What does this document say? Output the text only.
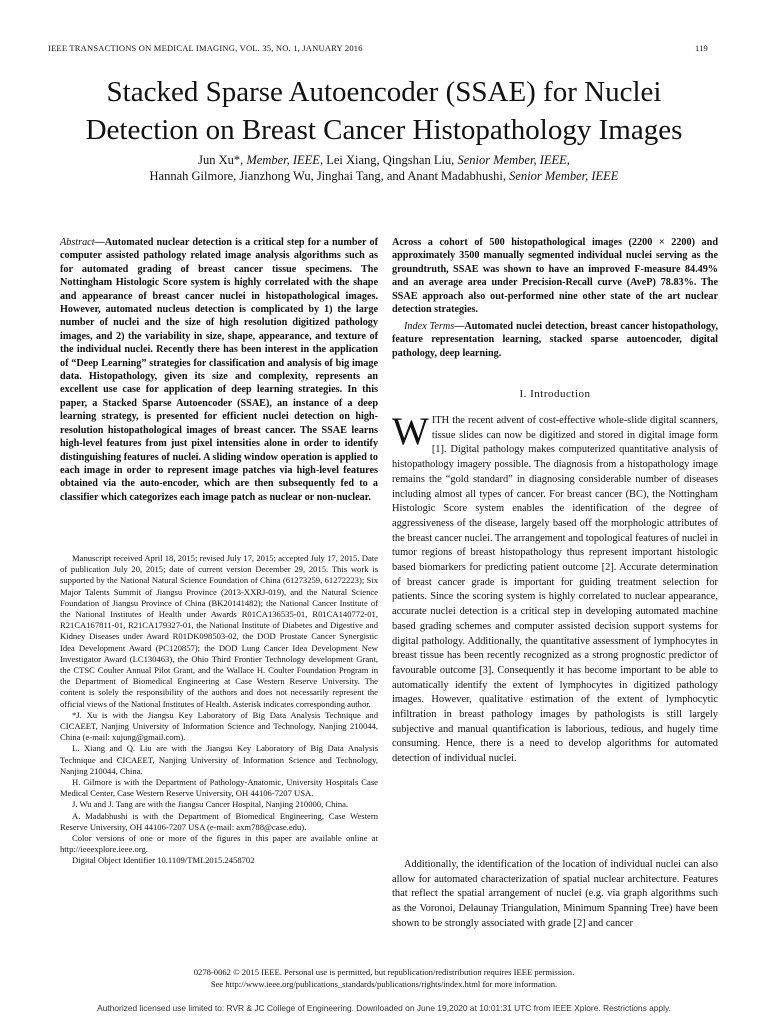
IEEE TRANSACTIONS ON MEDICAL IMAGING, VOL. 35, NO. 1, JANUARY 2016	119
Stacked Sparse Autoencoder (SSAE) for Nuclei
Detection on Breast Cancer Histopathology Images
Jun Xu*, Member, IEEE, Lei Xiang, Qingshan Liu, Senior Member, IEEE,
Hannah Gilmore, Jianzhong Wu, Jinghai Tang, and Anant Madabhushi, Senior Member, IEEE
Abstract—Automated nuclear detection is a critical step for a number of computer assisted pathology related image analysis algorithms such as for automated grading of breast cancer tissue specimens. The Nottingham Histologic Score system is highly correlated with the shape and appearance of breast cancer nuclei in histopathological images. However, automated nucleus detection is complicated by 1) the large number of nuclei and the size of high resolution digitized pathology images, and 2) the variability in size, shape, appearance, and texture of the individual nuclei. Recently there has been interest in the application of “Deep Learning” strategies for classification and analysis of big image data. Histopathology, given its size and complexity, represents an excellent use case for application of deep learning strategies. In this paper, a Stacked Sparse Autoencoder (SSAE), an instance of a deep learning strategy, is presented for efficient nuclei detection on high-resolution histopathological images of breast cancer. The SSAE learns high-level features from just pixel intensities alone in order to identify distinguishing features of nuclei. A sliding window operation is applied to each image in order to represent image patches via high-level features obtained via the auto-encoder, which are then subsequently fed to a classifier which categorizes each image patch as nuclear or non-nuclear.

Manuscript received April 18, 2015; revised July 17, 2015; accepted July 17, 2015. Date of publication July 20, 2015; date of current version December 29, 2015. This work is supported by the National Natural Science Foundation of China (61273259, 61272223); Six Major Talents Summit of Jiangsu Province (2013-XXRJ-019), and the Natural Science Foundation of Jiangsu Province of China (BK20141482); the National Cancer Institute of the National Institutes of Health under Awards R01CA136535-01, R01CA140772-01, R21CA167811-01, R21CA179327-01, the National Institute of Diabetes and Digestive and Kidney Diseases under Award R01DK098503-02, the DOD Prostate Cancer Synergistic Idea Development Award (PC120857); the DOD Lung Cancer Idea Development New Investigator Award (LC130463), the Ohio Third Frontier Technology development Grant, the CTSC Coulter Annual Pilot Grant, and the Wallace H. Coulter Foundation Program in the Department of Biomedical Engineering at Case Western Reserve University. The content is solely the responsibility of the authors and does not necessarily represent the official views of the National Institutes of Health. Asterisk indicates corresponding author.

*J. Xu is with the Jiangsu Key Laboratory of Big Data Analysis Technique and CICAEET, Nanjing University of Information Science and Technology, Nanjing 210044, China (e-mail: xujung@gmail.com).

L. Xiang and Q. Liu are with the Jiangsu Key Laboratory of Big Data Analysis Technique and CICAEET, Nanjing University of Information Science and Technology, Nanjing 210044, China.

H. Gilmore is with the Department of Pathology-Anatomic, University Hospitals Case Medical Center, Case Western Reserve University, OH 44106-7207 USA.

J. Wu and J. Tang are with the Jiangsu Cancer Hospital, Nanjing 210000, China.

A. Madabhushi is with the Department of Biomedical Engineering, Case Western Reserve University, OH 44106-7207 USA (e-mail: axm788@case.edu).

Color versions of one or more of the figures in this paper are available online at http://ieeexplore.ieee.org.

Digital Object Identifier 10.1109/TMI.2015.2458702

Across a cohort of 500 histopathological images (2200 × 2200) and approximately 3500 manually segmented individual nuclei serving as the groundtruth, SSAE was shown to have an improved F-measure 84.49% and an average area under Precision-Recall curve (AveP) 78.83%. The SSAE approach also out-performed nine other state of the art nuclear detection strategies.
Index Terms—Automated nuclei detection, breast cancer histopathology, feature representation learning, stacked sparse autoencoder, digital pathology, deep learning.
I. Introduction
W ITH the recent advent of cost-effective whole-slide digital scanners, tissue slides can now be digitized and stored in digital image form [1]. Digital pathology makes computerized quantitative analysis of histopathology imagery possible. The diagnosis from a histopathology image remains the “gold standard” in diagnosing considerable number of diseases including almost all types of cancer. For breast cancer (BC), the Nottingham Histologic Score system enables the identification of the degree of aggressiveness of the disease, largely based off the morphologic attributes of the breast cancer nuclei. The arrangement and topological features of nuclei in tumor regions of breast histopathology thus represent important histologic based biomarkers for predicting patient outcome [2]. Accurate determination of breast cancer grade is important for guiding treatment selection for patients. Since the scoring system is highly correlated to nuclear appearance, accurate nuclei detection is a critical step in developing automated machine based grading schemes and computer assisted decision support systems for digital pathology. Additionally, the quantitative assessment of lymphocytes in breast tissue has been recently recognized as a strong prognostic predictor of favourable outcome [3]. Consequently it has become important to be able to automatically identify the extent of lymphocytes in digitized pathology images. However, qualitative estimation of the extent of lymphocytic infiltration in breast pathology images by pathologists is still largely subjective and manual quantification is laborious, tedious, and hugely time consuming. Hence, there is a need to develop algorithms for automated detection of individual nuclei.

Additionally, the identification of the location of individual nuclei can also allow for automated characterization of spatial nuclear architecture. Features that reflect the spatial arrangement of nuclei (e.g. via graph algorithms such as the Voronoi, Delaunay Triangulation, Minimum Spanning Tree) have been shown to be strongly associated with grade [2] and cancer
0278-0062 © 2015 IEEE. Personal use is permitted, but republication/redistribution requires IEEE permission.
See http://www.ieee.org/publications_standards/publications/rights/index.html for more information.
Authorized licensed use limited to: RVR & JC College of Engineering. Downloaded on June 19,2020 at 10:01:31 UTC from IEEE Xplore. Restrictions apply.
